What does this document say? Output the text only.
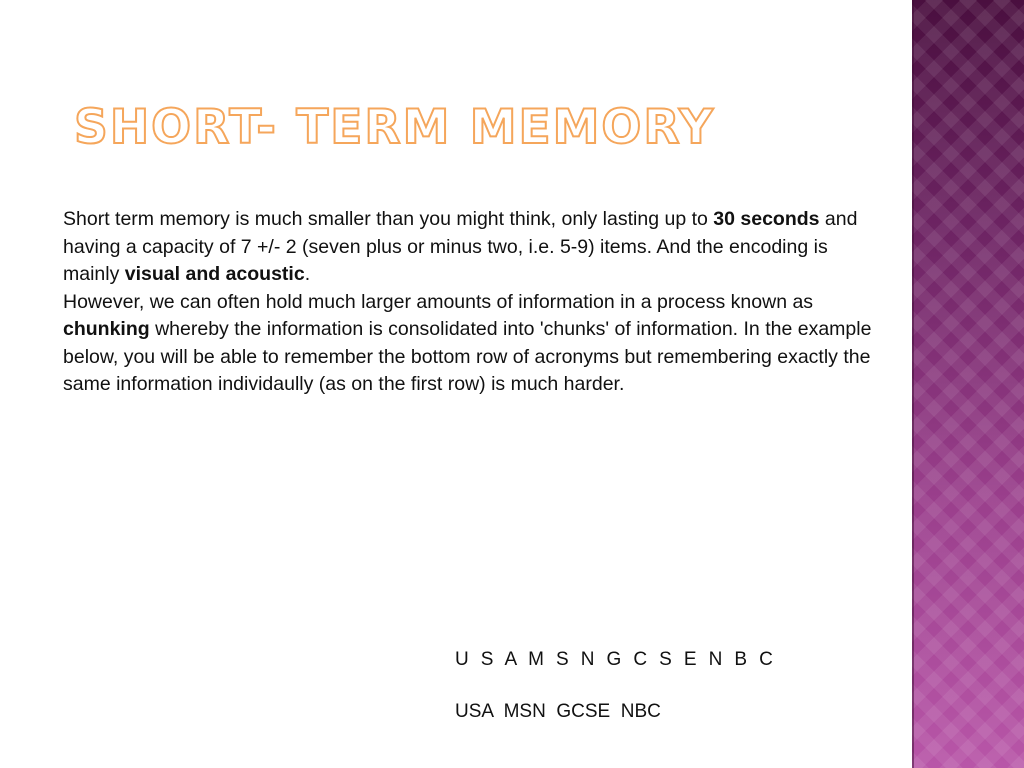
SHORT- TERM MEMORY

Short term memory is much smaller than you might think, only lasting up to 30 seconds and having a capacity of 7 +/- 2 (seven plus or minus two, i.e. 5-9) items. And the encoding is mainly visual and acoustic.

However, we can often hold much larger amounts of information in a process known as chunking whereby the information is consolidated into 'chunks' of information. In the example below, you will be able to remember the bottom row of acronyms but remembering exactly the same information individaully (as on the first row) is much harder.

U  S  A  M  S  N  G  C  S  E  N  B  C
USA  MSN  GCSE  NBC
